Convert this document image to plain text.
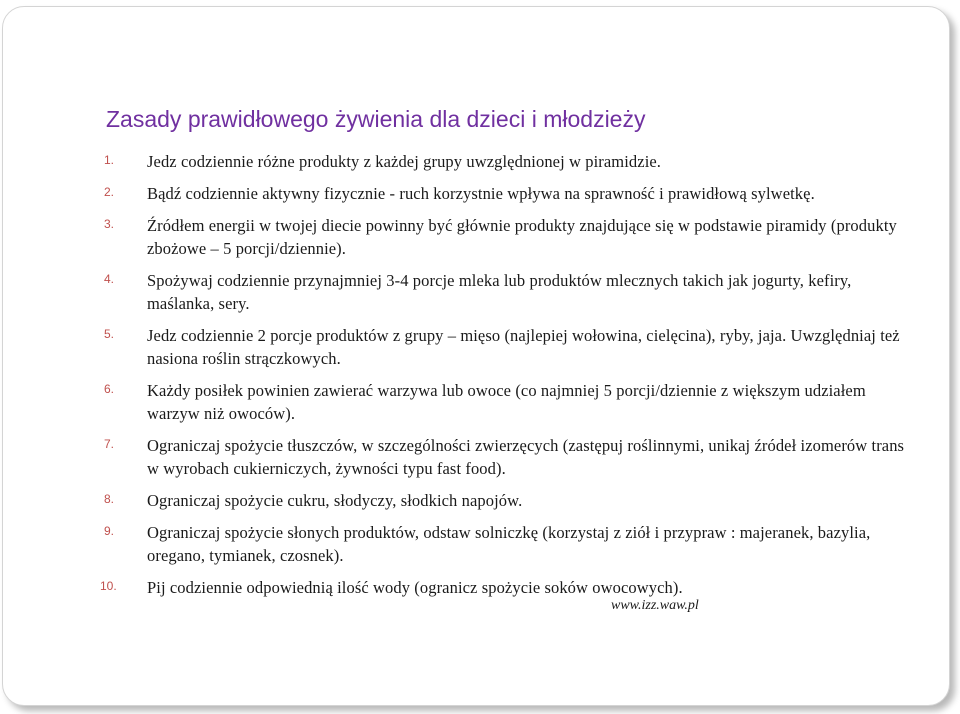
Zasady prawidłowego żywienia dla dzieci i młodzieży
1. Jedz codziennie różne produkty z każdej grupy uwzględnionej w piramidzie.
2. Bądź codziennie aktywny fizycznie - ruch korzystnie wpływa na sprawność i prawidłową sylwetkę.
3. Źródłem energii w twojej diecie powinny być głównie produkty znajdujące się w podstawie piramidy (produkty zbożowe – 5 porcji/dziennie).
4. Spożywaj codziennie przynajmniej 3-4 porcje mleka lub produktów mlecznych takich jak jogurty, kefiry, maślanka, sery.
5. Jedz codziennie 2 porcje produktów z grupy – mięso (najlepiej wołowina, cielęcina), ryby, jaja. Uwzględniaj też nasiona roślin strączkowych.
6. Każdy posiłek powinien zawierać warzywa lub owoce (co najmniej 5 porcji/dziennie z większym udziałem warzyw niż owoców).
7. Ograniczaj spożycie tłuszczów, w szczególności zwierzęcych (zastępuj roślinnymi, unikaj źródeł izomerów trans w wyrobach cukierniczych, żywności typu fast food).
8. Ograniczaj spożycie cukru, słodyczy, słodkich napojów.
9. Ograniczaj spożycie słonych produktów, odstaw solniczkę (korzystaj z ziół i przypraw : majeranek, bazylia, oregano, tymianek, czosnek).
10. Pij codziennie odpowiednią ilość wody (ogranicz spożycie soków owocowych).
www.izz.waw.pl
